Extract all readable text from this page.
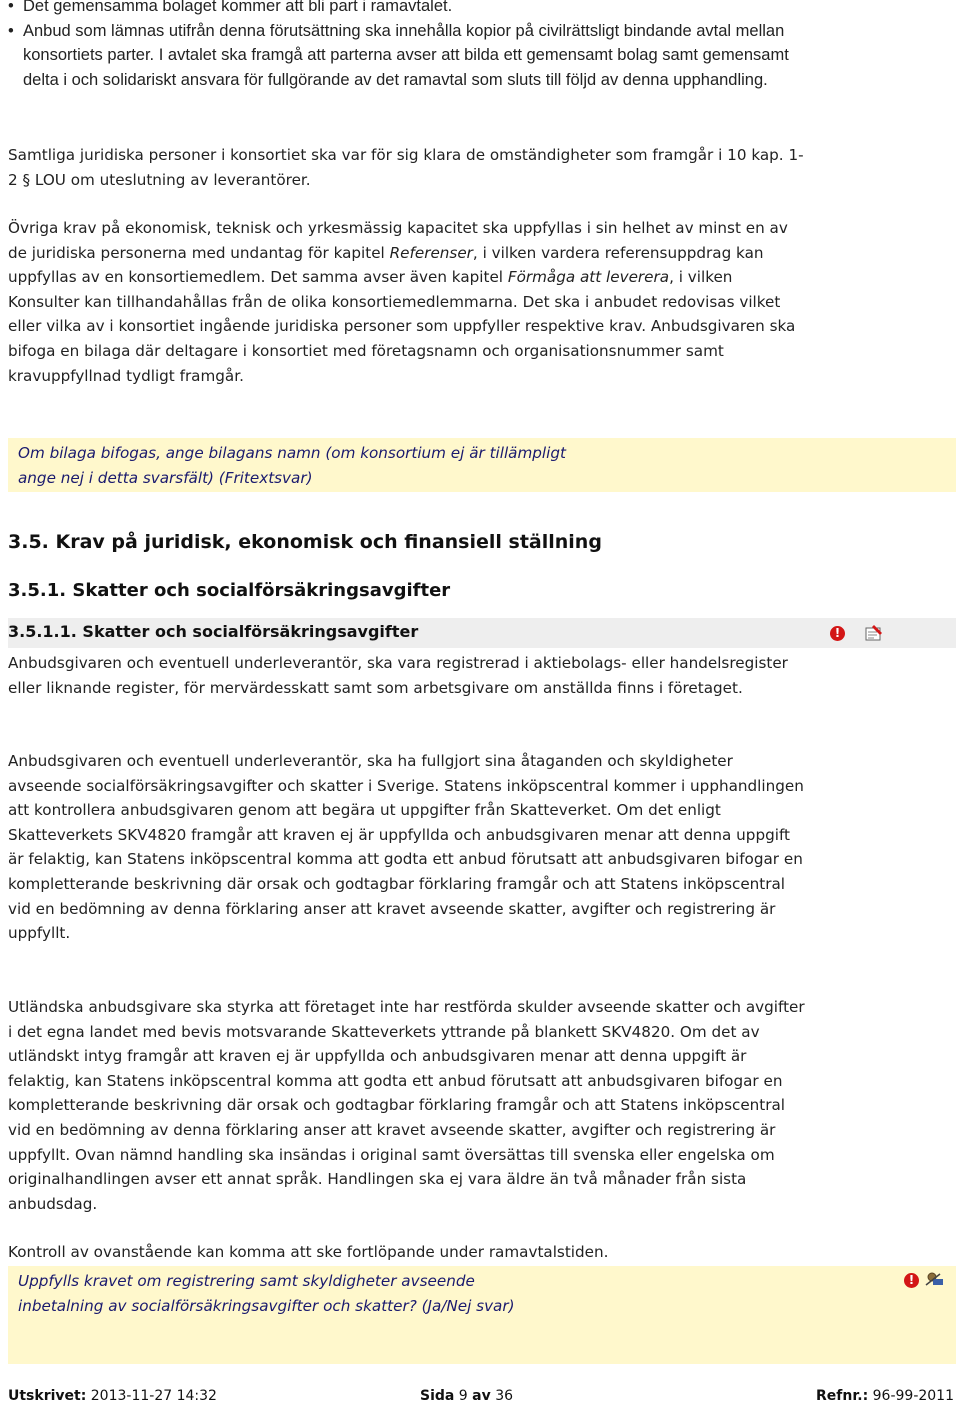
• Det gemensamma bolaget kommer att bli part i ramavtalet.
• Anbud som lämnas utifrån denna förutsättning ska innehålla kopior på civilrättsligt bindande avtal mellan konsortiets parter. I avtalet ska framgå att parterna avser att bilda ett gemensamt bolag samt gemensamt delta i och solidariskt ansvara för fullgörande av det ramavtal som sluts till följd av denna upphandling.

Samtliga juridiska personer i konsortiet ska var för sig klara de omständigheter som framgår i 10 kap. 1-2 § LOU om uteslutning av leverantörer.

Övriga krav på ekonomisk, teknisk och yrkesmässig kapacitet ska uppfyllas i sin helhet av minst en av de juridiska personerna med undantag för kapitel Referenser, i vilken vardera referensuppdrag kan uppfyllas av en konsortiemedlem. Det samma avser även kapitel Förmåga att leverera, i vilken Konsulter kan tillhandahållas från de olika konsortiemedlemmarna. Det ska i anbudet redovisas vilket eller vilka av i konsortiet ingående juridiska personer som uppfyller respektive krav. Anbudsgivaren ska bifoga en bilaga där deltagare i konsortiet med företagsnamn och organisationsnummer samt kravuppfyllnad tydligt framgår.

Om bilaga bifogas, ange bilagans namn (om konsortium ej är tillämpligt ange nej i detta svarsfält) (Fritextsvar)

3.5. Krav på juridisk, ekonomisk och finansiell ställning
3.5.1. Skatter och socialförsäkringsavgifter
3.5.1.1. Skatter och socialförsäkringsavgifter	!

Anbudsgivaren och eventuell underleverantör, ska vara registrerad i aktiebolags- eller handelsregister eller liknande register, för mervärdesskatt samt som arbetsgivare om anställda finns i företaget.

Anbudsgivaren och eventuell underleverantör, ska ha fullgjort sina åtaganden och skyldigheter avseende socialförsäkringsavgifter och skatter i Sverige. Statens inköpscentral kommer i upphandlingen att kontrollera anbudsgivaren genom att begära ut uppgifter från Skatteverket. Om det enligt Skatteverkets SKV4820 framgår att kraven ej är uppfyllda och anbudsgivaren menar att denna uppgift är felaktig, kan Statens inköpscentral komma att godta ett anbud förutsatt att anbudsgivaren bifogar en kompletterande beskrivning där orsak och godtagbar förklaring framgår och att Statens inköpscentral vid en bedömning av denna förklaring anser att kravet avseende skatter, avgifter och registrering är uppfyllt.

Utländska anbudsgivare ska styrka att företaget inte har restförda skulder avseende skatter och avgifter i det egna landet med bevis motsvarande Skatteverkets yttrande på blankett SKV4820. Om det av utländskt intyg framgår att kraven ej är uppfyllda och anbudsgivaren menar att denna uppgift är felaktig, kan Statens inköpscentral komma att godta ett anbud förutsatt att anbudsgivaren bifogar en kompletterande beskrivning där orsak och godtagbar förklaring framgår och att Statens inköpscentral vid en bedömning av denna förklaring anser att kravet avseende skatter, avgifter och registrering är uppfyllt. Ovan nämnd handling ska insändas i original samt översättas till svenska eller engelska om originalhandlingen avser ett annat språk. Handlingen ska ej vara äldre än två månader från sista anbudsdag.

Kontroll av ovanstående kan komma att ske fortlöpande under ramavtalstiden.

Uppfylls kravet om registrering samt skyldigheter avseende inbetalning av socialförsäkringsavgifter och skatter? (Ja/Nej svar)

!
Utskrivet: 2013-11-27 14:32	Sida 9 av 36	Refnr.: 96-99-2011
